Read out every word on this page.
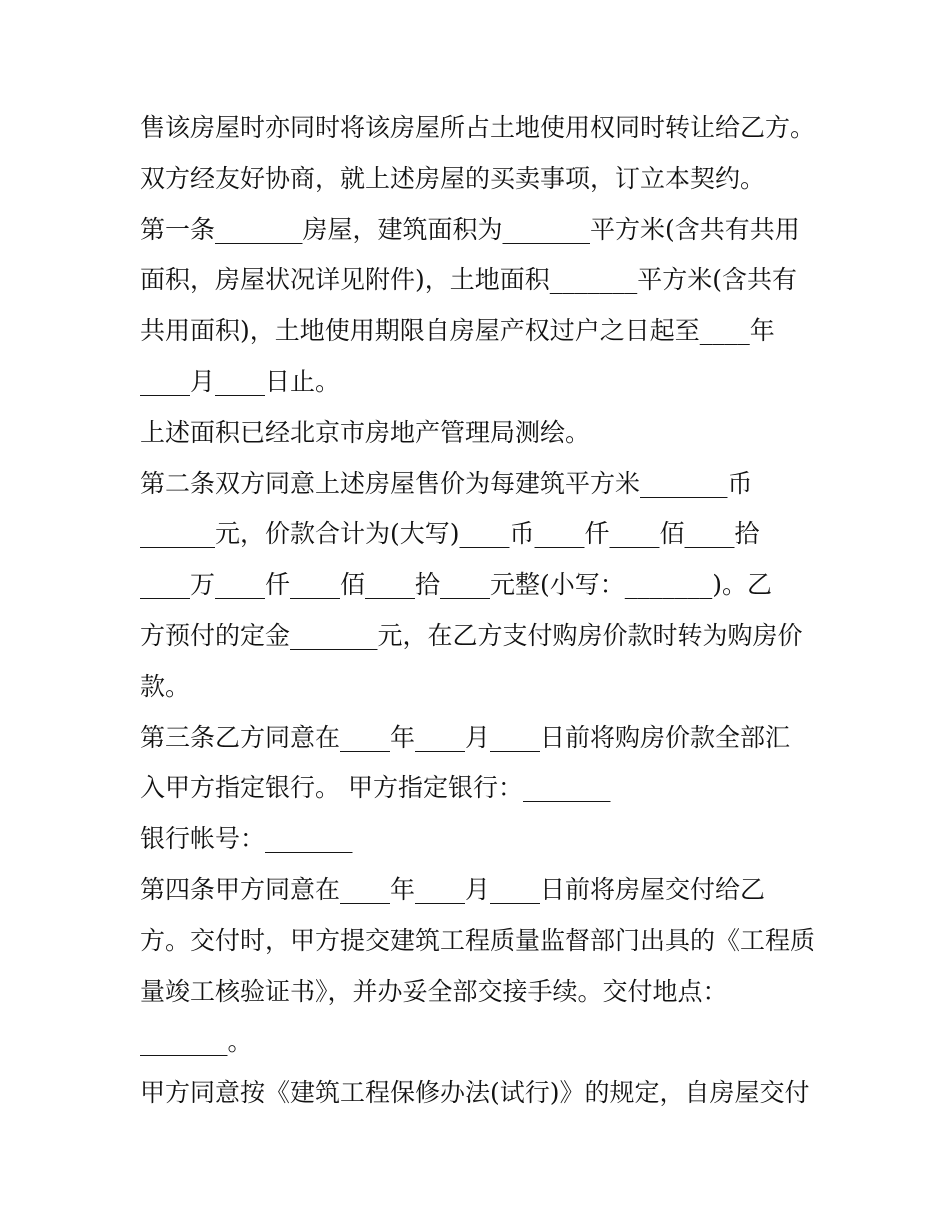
售该房屋时亦同时将该房屋所占土地使用权同时转让给乙方。
双方经友好协商，就上述房屋的买卖事项，订立本契约。
第一条_______房屋，建筑面积为_______平方米(含共有共用
面积，房屋状况详见附件)，土地面积_______平方米(含共有
共用面积)，土地使用期限自房屋产权过户之日起至____年
____月____日止。
上述面积已经北京市房地产管理局测绘。
第二条双方同意上述房屋售价为每建筑平方米_______币
______元，价款合计为(大写)____币____仟____佰____拾
____万____仟____佰____拾____元整(小写：_______)。乙
方预付的定金_______元，在乙方支付购房价款时转为购房价
款。
第三条乙方同意在____年____月____日前将购房价款全部汇
入甲方指定银行。 甲方指定银行：_______
银行帐号：_______
第四条甲方同意在____年____月____日前将房屋交付给乙
方。交付时，甲方提交建筑工程质量监督部门出具的《工程质
量竣工核验证书》，并办妥全部交接手续。交付地点：
_______。
甲方同意按《建筑工程保修办法(试行)》的规定，自房屋交付
